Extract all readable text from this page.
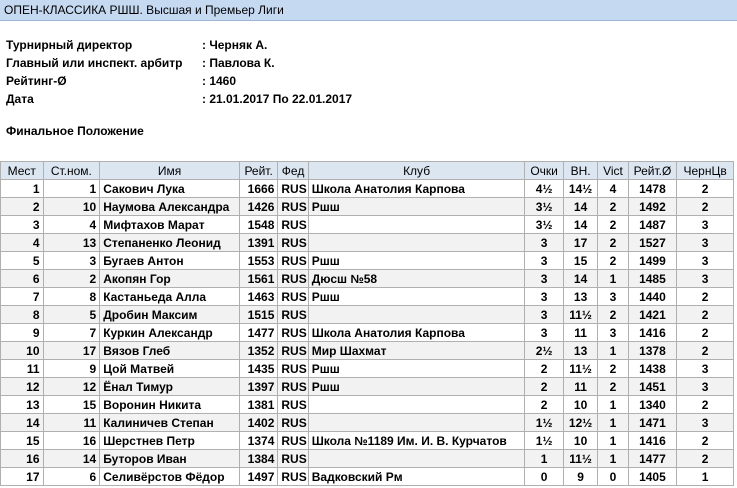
ОПЕН-КЛАССИКА РШШ. Высшая и Премьер Лиги
Турнирный директор	: Черняк А.
Главный или инспект. арбитр : Павлова К.
Рейтинг-Ø	: 1460
Дата	: 21.01.2017 По 22.01.2017
Финальное Положение
Мест	Ст.ном.	Имя	Рейт.	Фед	Клуб	Очки	ВН.	Vict	Рейт.Ø	ЧернЦв
1	1	Сакович Лука	1666	RUS	Школа Анатолия Карпова	4½	14½	4	1478	2
2	10	Наумова Александра	1426	RUS	Ршш	3½	14	2	1492	2
3	4	Мифтахов Марат	1548	RUS		3½	14	2	1487	3
4	13	Степаненко Леонид	1391	RUS		3	17	2	1527	3
5	3	Бугаев Антон	1553	RUS	Ршш	3	15	2	1499	3
6	2	Акопян Гор	1561	RUS	Дюсш №58	3	14	1	1485	3
7	8	Кастаньеда Алла	1463	RUS	Ршш	3	13	3	1440	2
8	5	Дробин Максим	1515	RUS		3	11½	2	1421	2
9	7	Куркин Александр	1477	RUS	Школа Анатолия Карпова	3	11	3	1416	2
10	17	Вязов Глеб	1352	RUS	Мир Шахмат	2½	13	1	1378	2
11	9	Цой Матвей	1435	RUS	Ршш	2	11½	2	1438	3
12	12	Ёнал Тимур	1397	RUS	Ршш	2	11	2	1451	3
13	15	Воронин Никита	1381	RUS		2	10	1	1340	2
14	11	Калиничев Степан	1402	RUS		1½	12½	1	1471	3
15	16	Шерстнев Петр	1374	RUS	Школа №1189 Им. И. В. Курчатов	1½	10	1	1416	2
16	14	Буторов Иван	1384	RUS		1	11½	1	1477	2
17	6	Селивёрстов Фёдор	1497	RUS	Вадковский Рм	0	9	0	1405	1
